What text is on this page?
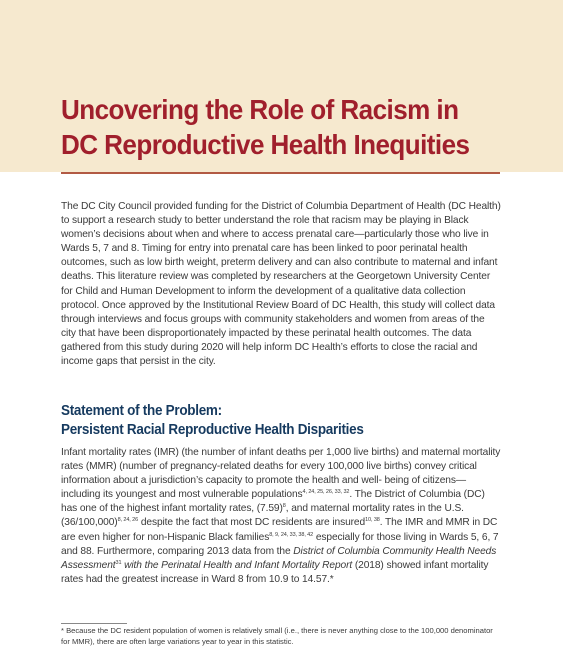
Uncovering the Role of Racism in
DC Reproductive Health Inequities

The DC City Council provided funding for the District of Columbia Department of Health (DC Health) to support a research study to better understand the role that racism may be playing in Black women’s decisions about when and where to access prenatal care—particularly those who live in Wards 5, 7 and 8. Timing for entry into prenatal care has been linked to poor perinatal health outcomes, such as low birth weight, preterm delivery and can also contribute to maternal and infant deaths. This literature review was completed by researchers at the Georgetown University Center for Child and Human Development to inform the development of a qualitative data collection protocol. Once approved by the Institutional Review Board of DC Health, this study will collect data through interviews and focus groups with community stakeholders and women from areas of the city that have been disproportionately impacted by these perinatal health outcomes. The data gathered from this study during 2020 will help inform DC Health’s efforts to close the racial and income gaps that persist in the city.

Statement of the Problem:
Persistent Racial Reproductive Health Disparities

Infant mortality rates (IMR) (the number of infant deaths per 1,000 live births) and maternal mortality rates (MMR) (number of pregnancy-related deaths for every 100,000 live births) convey critical information about a jurisdiction’s capacity to promote the health and well- being of citizens—including its youngest and most vulnerable populations$^{4, 24, 25, 26, 33, 32}$. The District of Columbia (DC) has one of the highest infant mortality rates, $(7.59)^8$, and maternal mortality rates in the U.S. $(36/100,000)^{8, 24, 26}$ despite the fact that most DC residents are insured$^{10, 38}$. The IMR and MMR in DC are even higher for non-Hispanic Black families$^{8, 9, 24, 33, 38, 42}$ especially for those living in Wards 5, 6, 7 and 88. Furthermore, comparing 2013 data from the District of Columbia Community Health Needs Assessment$^{31}$ with the Perinatal Health and Infant Mortality Report (2018) showed infant mortality rates had the greatest increase in Ward 8 from 10.9 to 14.57.*

* Because the DC resident population of women is relatively small (i.e., there is never anything close to the 100,000 denominator for MMR), there are often large variations year to year in this statistic.
